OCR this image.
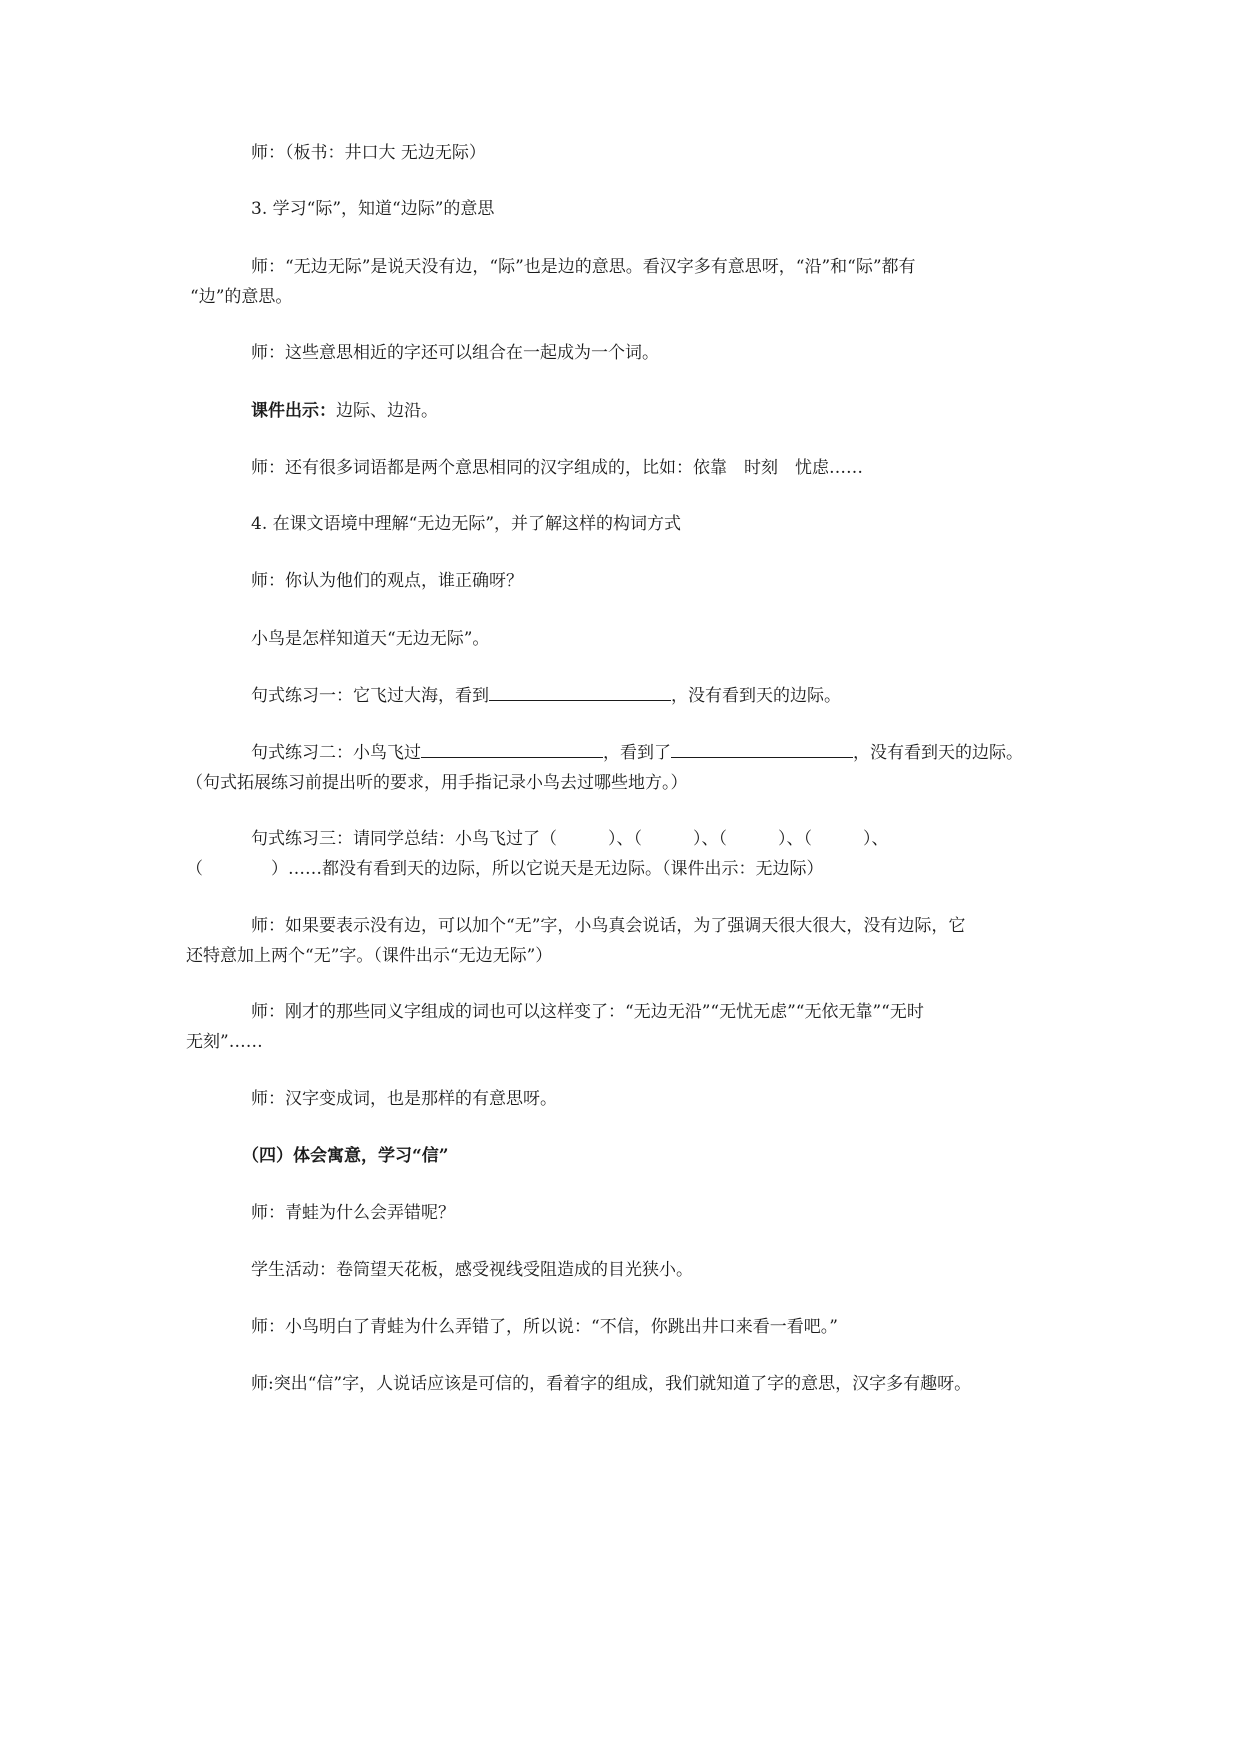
师：（板书：井口大 无边无际）
3. 学习“际”，知道“边际”的意思
师：“无边无际”是说天没有边，“际”也是边的意思。看汉字多有意思呀，“沿”和“际”都有
“边”的意思。
师：这些意思相近的字还可以组合在一起成为一个词。
课件出示：边际、边沿。
师：还有很多词语都是两个意思相同的汉字组成的，比如：依靠　时刻　忧虑……
4. 在课文语境中理解“无边无际”，并了解这样的构词方式
师：你认为他们的观点，谁正确呀？
小鸟是怎样知道天“无边无际”。
句式练习一：它飞过大海，看到	，没有看到天的边际。
句式练习二：小鸟飞过	，看到了	，没有看到天的边际。
（句式拓展练习前提出听的要求，用手指记录小鸟去过哪些地方。）
句式练习三：请同学总结：小鸟飞过了（　　　）、（　　　）、（　　　）、（　　　）、
（　　　　）……都没有看到天的边际，所以它说天是无边际。（课件出示：无边际）
师：如果要表示没有边，可以加个“无”字，小鸟真会说话，为了强调天很大很大，没有边际，它
还特意加上两个“无”字。（课件出示“无边无际”）
师：刚才的那些同义字组成的词也可以这样变了：“无边无沿”“无忧无虑”“无依无靠”“无时
无刻”……
师：汉字变成词，也是那样的有意思呀。
（四）体会寓意，学习“信”
师：青蛙为什么会弄错呢？
学生活动：卷筒望天花板，感受视线受阻造成的目光狭小。
师：小鸟明白了青蛙为什么弄错了，所以说：“不信，你跳出井口来看一看吧。”
师:突出“信”字，人说话应该是可信的，看着字的组成，我们就知道了字的意思，汉字多有趣呀。
